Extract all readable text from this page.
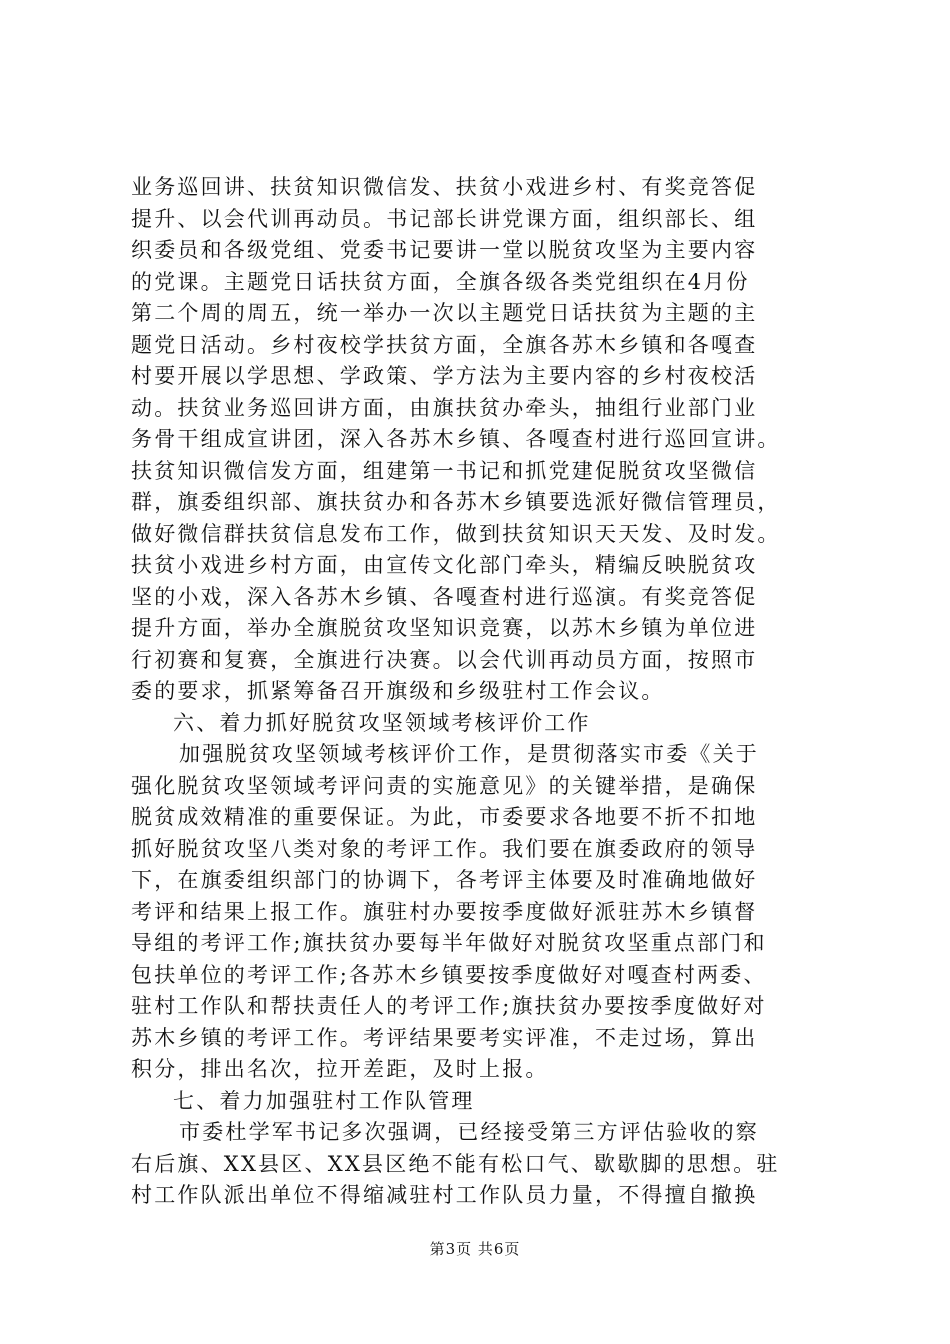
业务巡回讲、扶贫知识微信发、扶贫小戏进乡村、有奖竞答促
提升、以会代训再动员。书记部长讲党课方面，组织部长、组
织委员和各级党组、党委书记要讲一堂以脱贫攻坚为主要内容
的党课。主题党日话扶贫方面，全旗各级各类党组织在4月份
第二个周的周五，统一举办一次以主题党日话扶贫为主题的主
题党日活动。乡村夜校学扶贫方面，全旗各苏木乡镇和各嘎查
村要开展以学思想、学政策、学方法为主要内容的乡村夜校活
动。扶贫业务巡回讲方面，由旗扶贫办牵头，抽组行业部门业
务骨干组成宣讲团，深入各苏木乡镇、各嘎查村进行巡回宣讲。
扶贫知识微信发方面，组建第一书记和抓党建促脱贫攻坚微信
群，旗委组织部、旗扶贫办和各苏木乡镇要选派好微信管理员，
做好微信群扶贫信息发布工作，做到扶贫知识天天发、及时发。
扶贫小戏进乡村方面，由宣传文化部门牵头，精编反映脱贫攻
坚的小戏，深入各苏木乡镇、各嘎查村进行巡演。有奖竞答促
提升方面，举办全旗脱贫攻坚知识竞赛，以苏木乡镇为单位进
行初赛和复赛，全旗进行决赛。以会代训再动员方面，按照市
委的要求，抓紧筹备召开旗级和乡级驻村工作会议。
六、着力抓好脱贫攻坚领域考核评价工作
加强脱贫攻坚领域考核评价工作，是贯彻落实市委《关于
强化脱贫攻坚领域考评问责的实施意见》的关键举措，是确保
脱贫成效精准的重要保证。为此，市委要求各地要不折不扣地
抓好脱贫攻坚八类对象的考评工作。我们要在旗委政府的领导
下，在旗委组织部门的协调下，各考评主体要及时准确地做好
考评和结果上报工作。旗驻村办要按季度做好派驻苏木乡镇督
导组的考评工作;旗扶贫办要每半年做好对脱贫攻坚重点部门和
包扶单位的考评工作;各苏木乡镇要按季度做好对嘎查村两委、
驻村工作队和帮扶责任人的考评工作;旗扶贫办要按季度做好对
苏木乡镇的考评工作。考评结果要考实评准，不走过场，算出
积分，排出名次，拉开差距，及时上报。
七、着力加强驻村工作队管理
市委杜学军书记多次强调，已经接受第三方评估验收的察
右后旗、XX县区、XX县区绝不能有松口气、歇歇脚的思想。驻
村工作队派出单位不得缩减驻村工作队员力量，不得擅自撤换
第3页 共6页
